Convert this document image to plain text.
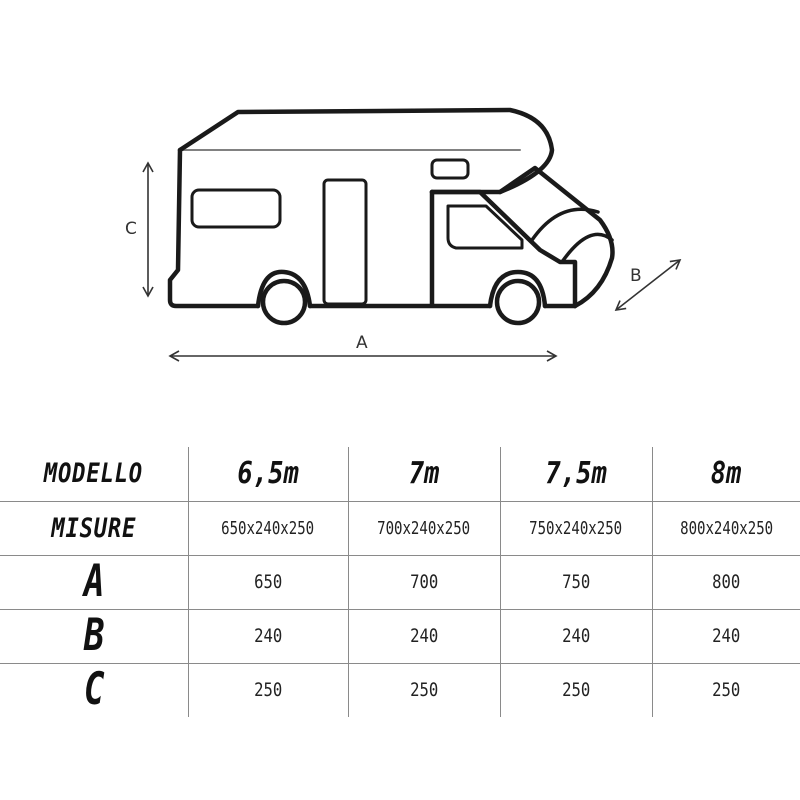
A
C
B
MODELLO	6,5m	7m	7,5m	8m
MISURE	650x240x250	700x240x250	750x240x250	800x240x250
A	650	700	750	800
B	240	240	240	240
C	250	250	250	250
